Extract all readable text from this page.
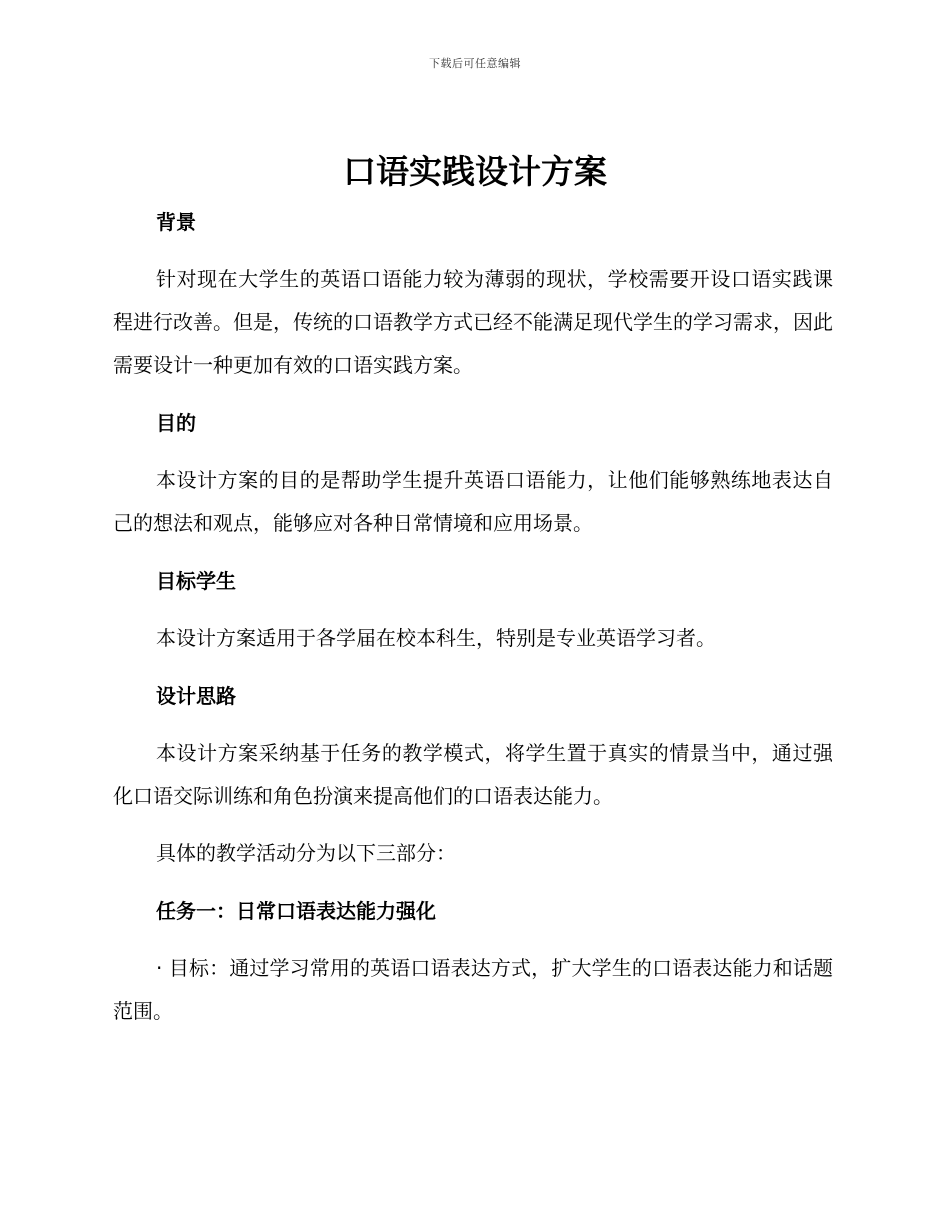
下载后可任意编辑
口语实践设计方案

背景

针对现在大学生的英语口语能力较为薄弱的现状，学校需要开设口语实践课程进行改善。但是，传统的口语教学方式已经不能满足现代学生的学习需求，因此需要设计一种更加有效的口语实践方案。

目的

本设计方案的目的是帮助学生提升英语口语能力，让他们能够熟练地表达自己的想法和观点，能够应对各种日常情境和应用场景。

目标学生

本设计方案适用于各学届在校本科生，特别是专业英语学习者。

设计思路

本设计方案采纳基于任务的教学模式，将学生置于真实的情景当中，通过强化口语交际训练和角色扮演来提高他们的口语表达能力。

具体的教学活动分为以下三部分：

任务一：日常口语表达能力强化

· 目标：通过学习常用的英语口语表达方式，扩大学生的口语表达能力和话题范围。
